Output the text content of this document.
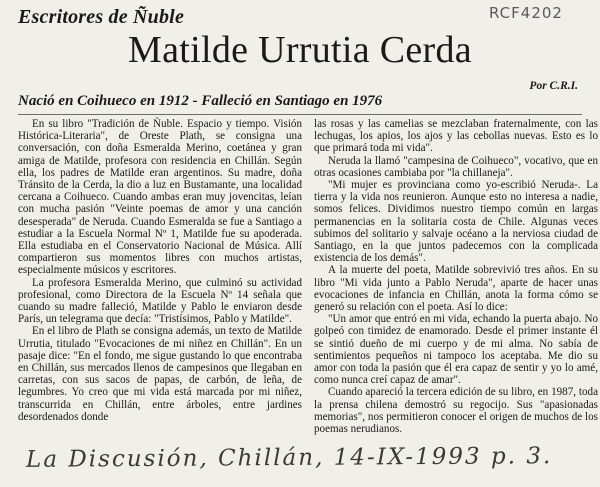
Escritores de Ñuble	RCF4202
Matilde Urrutia Cerda
Por C.R.I.
Nació en Coihueco en 1912 - Falleció en Santiago en 1976

En su libro "Tradición de Ñuble. Espacio y tiempo. Visión Histórica-Literaria", de Oreste Plath, se consigna una conversación, con doña Esmeralda Merino, coetánea y gran amiga de Matilde, profesora con residencia en Chillán. Según ella, los padres de Matilde eran argentinos. Su madre, doña Tránsito de la Cerda, la dio a luz en Bustamante, una localidad cercana a Coihueco. Cuando ambas eran muy jovencitas, leían con mucha pasión "Veinte poemas de amor y una canción desesperada" de Neruda. Cuando Esmeralda se fue a Santiago a estudiar a la Escuela Normal Nº 1, Matilde fue su apoderada. Ella estudiaba en el Conservatorio Nacional de Música. Allí compartieron sus momentos libres con muchos artistas, especialmente músicos y escritores.

La profesora Esmeralda Merino, que culminó su actividad profesional, como Directora de la Escuela Nº 14 señala que cuando su madre falleció, Matilde y Pablo le enviaron desde París, un telegrama que decía: "Tristísimos, Pablo y Matilde".

En el libro de Plath se consigna además, un texto de Matilde Urrutia, titulado "Evocaciones de mi niñez en Chillán". En un pasaje dice: "En el fondo, me sigue gustando lo que encontraba en Chillán, sus mercados llenos de campesinos que llegaban en carretas, con sus sacos de papas, de carbón, de leña, de legumbres. Yo creo que mi vida está marcada por mi niñez, transcurrida en Chillán, entre árboles, entre jardines desordenados donde

las rosas y las camelias se mezclaban fraternalmente, con las lechugas, los apios, los ajos y las cebollas nuevas. Esto es lo que primará toda mi vida".

Neruda la llamó "campesina de Coihueco", vocativo, que en otras ocasiones cambiaba por "la chillaneja".

"Mi mujer es provinciana como yo-escribió Neruda-. La tierra y la vida nos reunieron. Aunque esto no interesa a nadie, somos felices. Dividimos nuestro tiempo común en largas permanencias en la solitaria costa de Chile. Algunas veces subimos del solitario y salvaje océano a la nerviosa ciudad de Santiago, en la que juntos padecemos con la complicada existencia de los demás".

A la muerte del poeta, Matilde sobrevivió tres años. En su libro "Mi vida junto a Pablo Neruda", aparte de hacer unas evocaciones de infancia en Chillán, anota la forma cómo se generó su relación con el poeta. Así lo dice:

"Un amor que entró en mi vida, echando la puerta abajo. No golpeó con timidez de enamorado. Desde el primer instante él se sintió dueño de mi cuerpo y de mi alma. No sabía de sentimientos pequeños ni tampoco los aceptaba. Me dio su amor con toda la pasión que él era capaz de sentir y yo lo amé, como nunca creí capaz de amar".

Cuando apareció la tercera edición de su libro, en 1987, toda la prensa chilena demostró su regocijo. Sus "apasionadas memorias", nos permitieron conocer el origen de muchos de los poemas nerudianos.

La Discusión, Chillán, 14-IX-1993 p. 3.
